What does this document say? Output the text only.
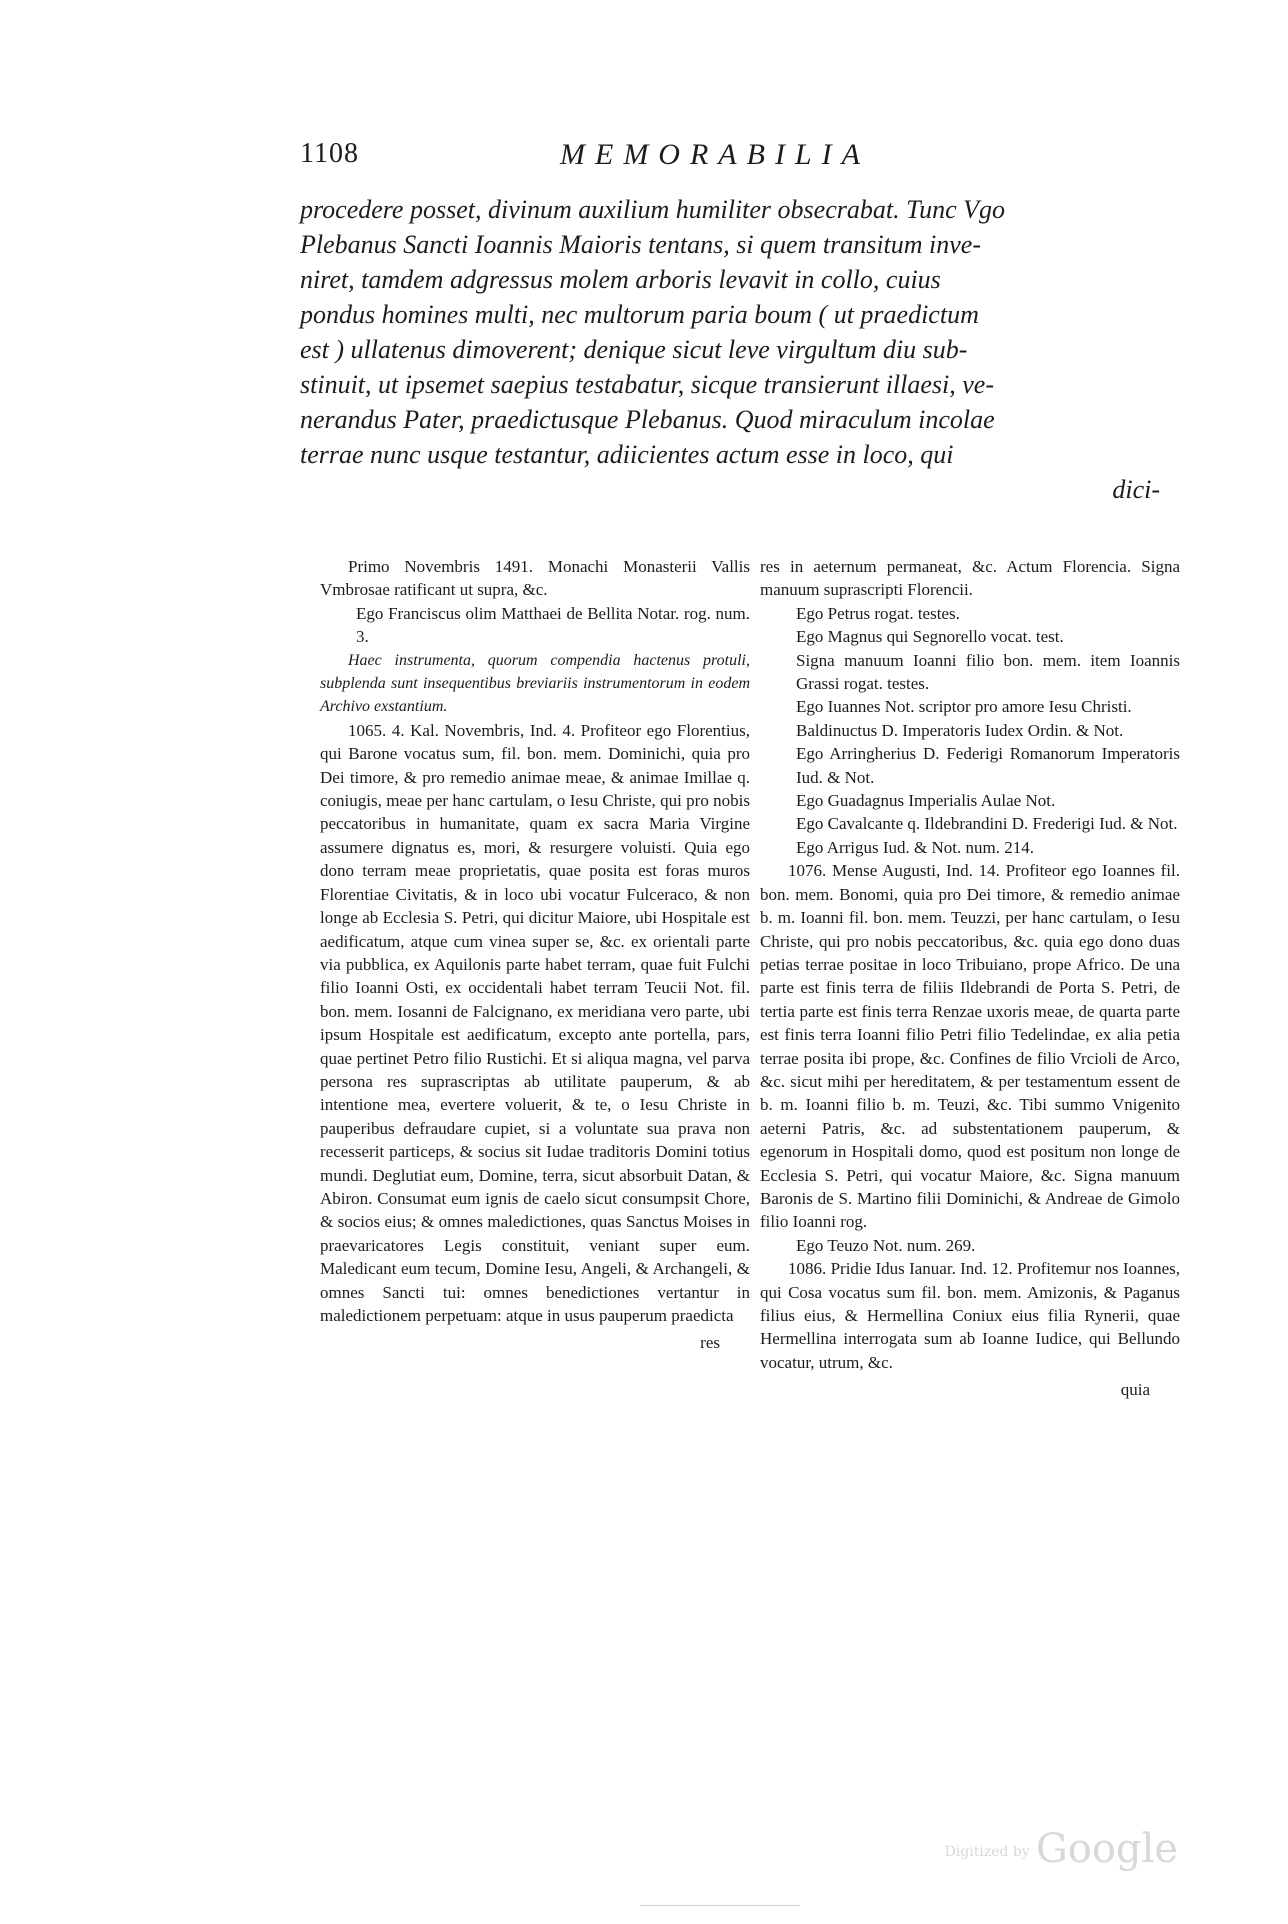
1108	MEMORABILIA
procedere posset, divinum auxilium humiliter obsecrabat. Tunc Vgo
Plebanus Sancti Ioannis Maioris tentans, si quem transitum inve-
niret, tamdem adgressus molem arboris levavit in collo, cuius
pondus homines multi, nec multorum paria boum ( ut praedictum
est ) ullatenus dimoverent; denique sicut leve virgultum diu sub-
stinuit, ut ipsemet saepius testabatur, sicque transierunt illaesi, ve-
nerandus Pater, praedictusque Plebanus. Quod miraculum incolae
terrae nunc usque testantur, adiicientes actum esse in loco, qui
dici-

Primo Novembris 1491. Monachi Monasterii Vallis Vmbrosae ratificant ut supra, &c.

Ego Franciscus olim Matthaei de Bellita Notar. rog. num. 3.

Haec instrumenta, quorum compendia hactenus protuli, subplenda sunt insequentibus breviariis instrumentorum in eodem Archivo exstantium.

1065. 4. Kal. Novembris, Ind. 4. Profiteor ego Florentius, qui Barone vocatus sum, fil. bon. mem. Dominichi, quia pro Dei timore, & pro remedio animae meae, & animae Imillae q. coniugis, meae per hanc cartulam, o Iesu Christe, qui pro nobis peccatoribus in humanitate, quam ex sacra Maria Virgine assumere dignatus es, mori, & resurgere voluisti. Quia ego dono terram meae proprietatis, quae posita est foras muros Florentiae Civitatis, & in loco ubi vocatur Fulceraco, & non longe ab Ecclesia S. Petri, qui dicitur Maiore, ubi Hospitale est aedificatum, atque cum vinea super se, &c. ex orientali parte via pubblica, ex Aquilonis parte habet terram, quae fuit Fulchi filio Ioanni Osti, ex occidentali habet terram Teucii Not. fil. bon. mem. Iosanni de Falcignano, ex meridiana vero parte, ubi ipsum Hospitale est aedificatum, excepto ante portella, pars, quae pertinet Petro filio Rustichi. Et si aliqua magna, vel parva persona res suprascriptas ab utilitate pauperum, & ab intentione mea, evertere voluerit, & te, o Iesu Christe in pauperibus defraudare cupiet, si a voluntate sua prava non recesserit particeps, & socius sit Iudae traditoris Domini totius mundi. Deglutiat eum, Domine, terra, sicut absorbuit Datan, & Abiron. Consumat eum ignis de caelo sicut consumpsit Chore, & socios eius; & omnes maledictiones, quas Sanctus Moises in praevaricatores Legis constituit, veniant super eum. Maledicant eum tecum, Domine Iesu, Angeli, & Archangeli, & omnes Sancti tui: omnes benedictiones vertantur in maledictionem perpetuam: atque in usus pauperum praedicta

res

res in aeternum permaneat, &c. Actum Florencia. Signa manuum suprascripti Florencii.

Ego Petrus rogat. testes.

Ego Magnus qui Segnorello vocat. test.

Signa manuum Ioanni filio bon. mem. item Ioannis Grassi rogat. testes.

Ego Iuannes Not. scriptor pro amore Iesu Christi.

Baldinuctus D. Imperatoris Iudex Ordin. & Not.

Ego Arringherius D. Federigi Romanorum Imperatoris Iud. & Not.

Ego Guadagnus Imperialis Aulae Not.

Ego Cavalcante q. Ildebrandini D. Frederigi Iud. & Not.

Ego Arrigus Iud. & Not. num. 214.

1076. Mense Augusti, Ind. 14. Profiteor ego Ioannes fil. bon. mem. Bonomi, quia pro Dei timore, & remedio animae b. m. Ioanni fil. bon. mem. Teuzzi, per hanc cartulam, o Iesu Christe, qui pro nobis peccatoribus, &c. quia ego dono duas petias terrae positae in loco Tribuiano, prope Africo. De una parte est finis terra de filiis Ildebrandi de Porta S. Petri, de tertia parte est finis terra Renzae uxoris meae, de quarta parte est finis terra Ioanni filio Petri filio Tedelindae, ex alia petia terrae posita ibi prope, &c. Confines de filio Vrcioli de Arco, &c. sicut mihi per hereditatem, & per testamentum essent de b. m. Ioanni filio b. m. Teuzi, &c. Tibi summo Vnigenito aeterni Patris, &c. ad substentationem pauperum, & egenorum in Hospitali domo, quod est positum non longe de Ecclesia S. Petri, qui vocatur Maiore, &c. Signa manuum Baronis de S. Martino filii Dominichi, & Andreae de Gimolo filio Ioanni rog.

Ego Teuzo Not. num. 269.

1086. Pridie Idus Ianuar. Ind. 12. Profitemur nos Ioannes, qui Cosa vocatus sum fil. bon. mem. Amizonis, & Paganus filius eius, & Hermellina Coniux eius filia Rynerii, quae Hermellina interrogata sum ab Ioanne Iudice, qui Bellundo vocatur, utrum, &c.

quia

Digitized by Google
